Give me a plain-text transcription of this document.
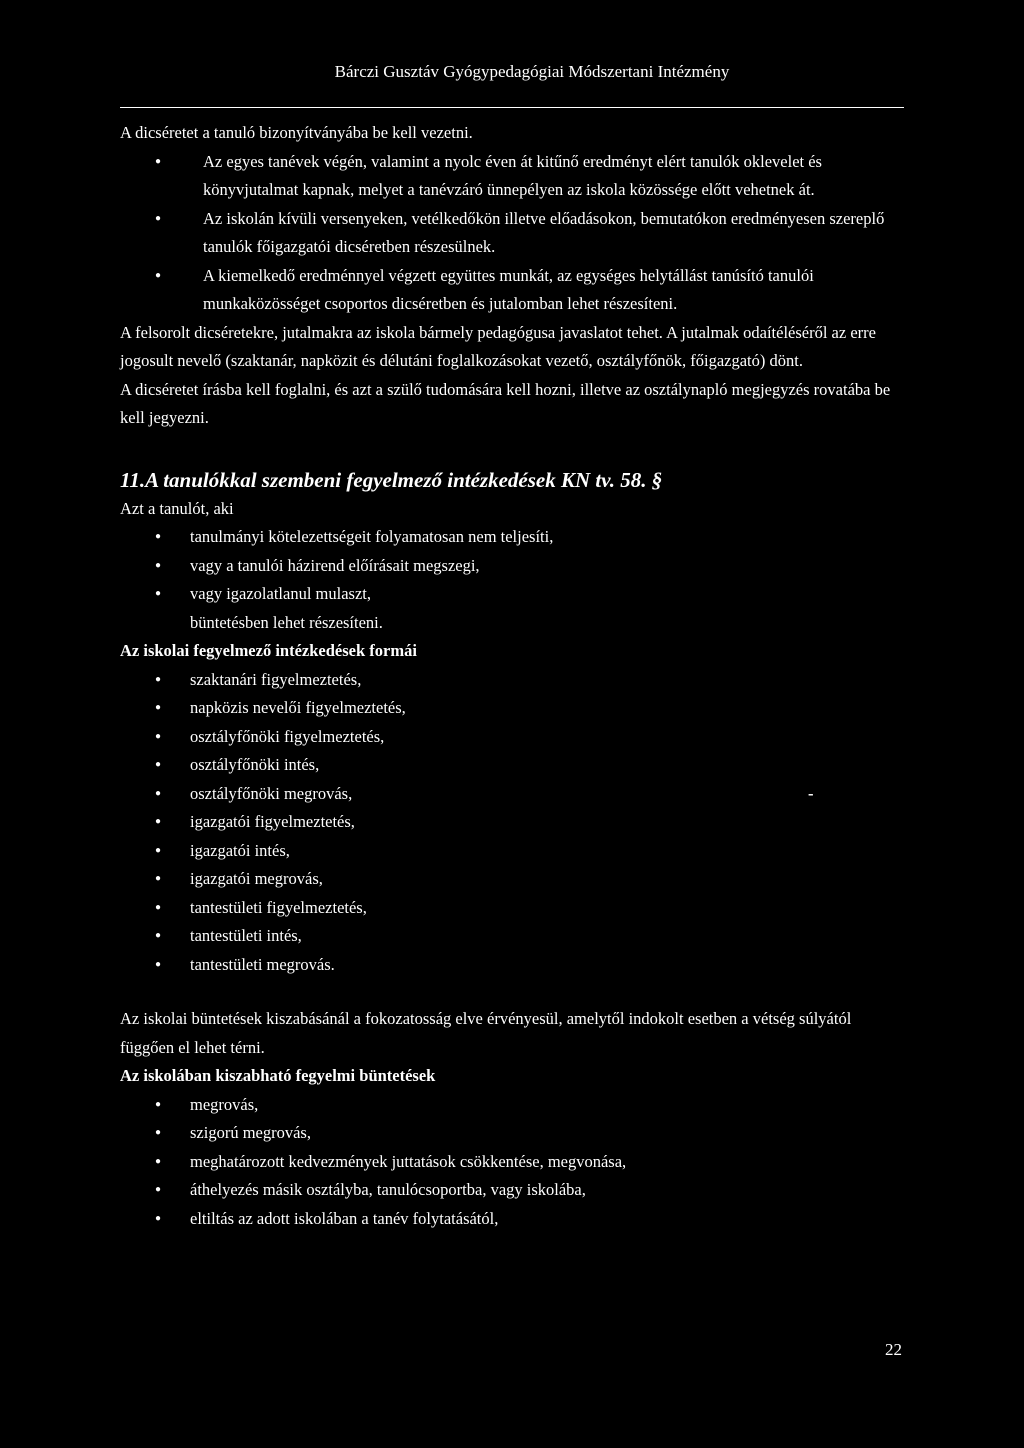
Bárczi Gusztáv Gyógypedagógiai Módszertani Intézmény

A dicséretet a tanuló bizonyítványába be kell vezetni.

● Az egyes tanévek végén, valamint a nyolc éven át kitűnő eredményt elért tanulók oklevelet és könyvjutalmat kapnak, melyet a tanévzáró ünnepélyen az iskola közössége előtt vehetnek át.
● Az iskolán kívüli versenyeken, vetélkedőkön illetve előadásokon, bemutatókon eredményesen szereplő tanulók főigazgatói dicséretben részesülnek.
● A kiemelkedő eredménnyel végzett együttes munkát, az egységes helytállást tanúsító tanulói munkaközösséget csoportos dicséretben és jutalomban lehet részesíteni.

A felsorolt dicséretekre, jutalmakra az iskola bármely pedagógusa javaslatot tehet. A jutalmak odaítéléséről az erre jogosult nevelő (szaktanár, napközit és délutáni foglalkozásokat vezető, osztályfőnök, főigazgató) dönt.

A dicséretet írásba kell foglalni, és azt a szülő tudomására kell hozni, illetve az osztálynapló megjegyzés rovatába be kell jegyezni.

11.A tanulókkal szembeni fegyelmező intézkedések KN tv. 58. §

Azt a tanulót, aki

● tanulmányi kötelezettségeit folyamatosan nem teljesíti,
● vagy a tanulói házirend előírásait megszegi,
● vagy igazolatlanul mulaszt,

büntetésben lehet részesíteni.

Az iskolai fegyelmező intézkedések formái

● szaktanári figyelmeztetés,
● napközis nevelői figyelmeztetés,
● osztályfőnöki figyelmeztetés,
● osztályfőnöki intés,
● osztályfőnöki megrovás,	-
● igazgatói figyelmeztetés,
● igazgatói intés,
● igazgatói megrovás,
● tantestületi figyelmeztetés,
● tantestületi intés,
● tantestületi megrovás.

Az iskolai büntetések kiszabásánál a fokozatosság elve érvényesül, amelytől indokolt esetben a vétség súlyától függően el lehet térni.

Az iskolában kiszabható fegyelmi büntetések

● megrovás,
● szigorú megrovás,
● meghatározott kedvezmények juttatások csökkentése, megvonása,
● áthelyezés másik osztályba, tanulócsoportba, vagy iskolába,
● eltiltás az adott iskolában a tanév folytatásától,
22
